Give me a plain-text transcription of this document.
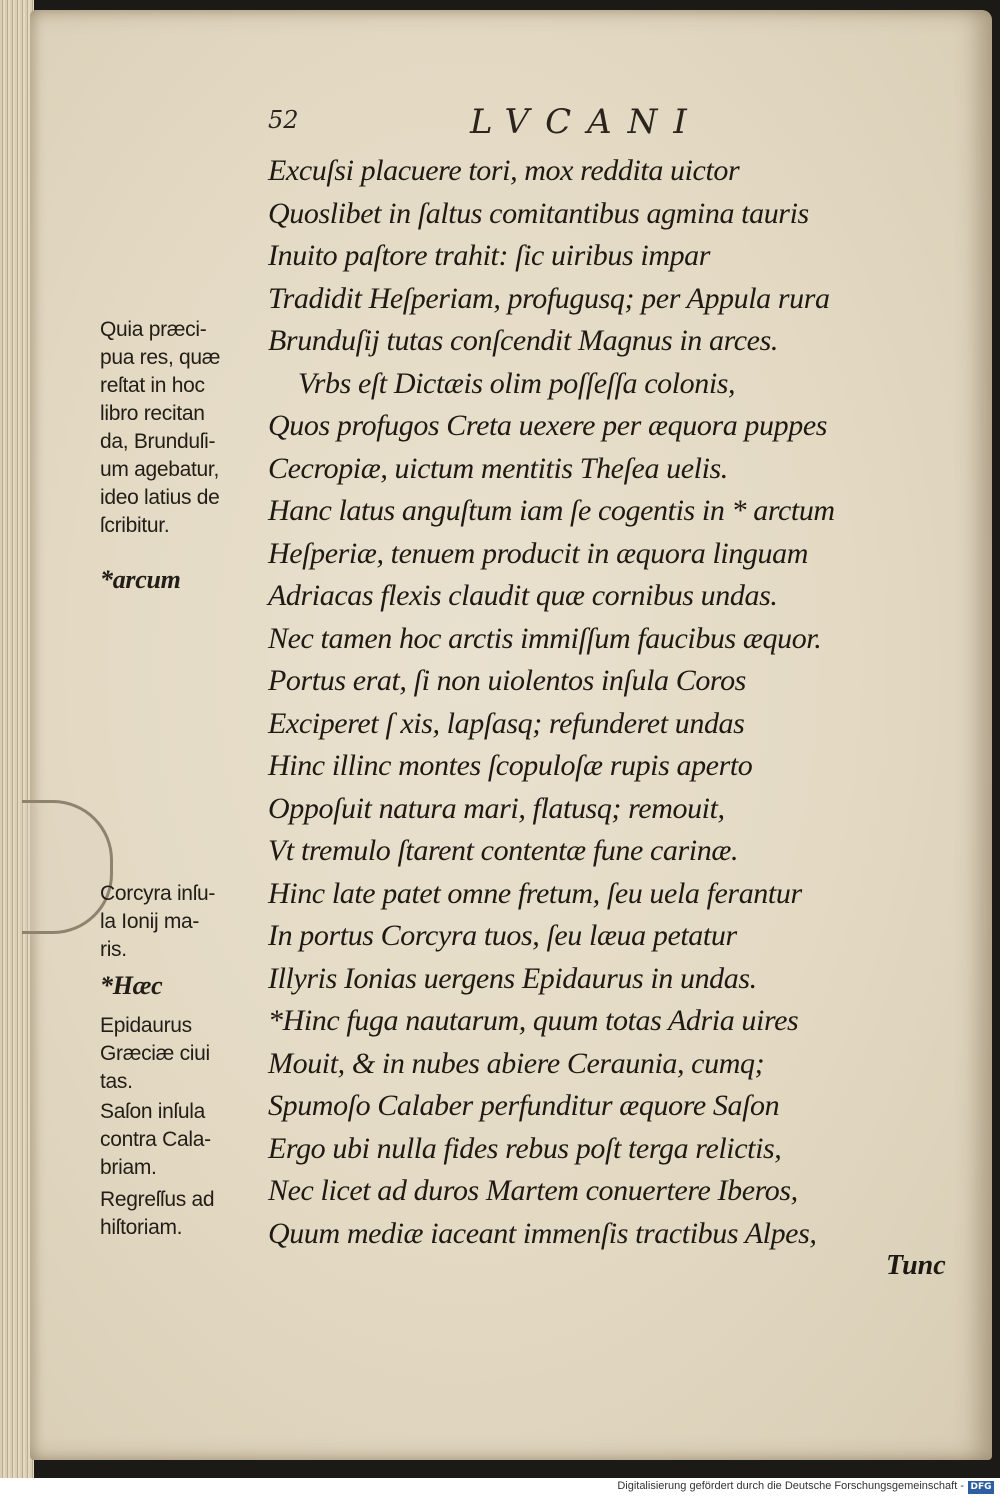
52	LVCANI
Excuſsi placuere tori, mox reddita uictor
Quoslibet in ſaltus comitantibus agmina tauris
Inuito paſtore trahit: ſic uiribus impar
Tradidit Heſperiam, profugusq; per Appula rura
Brunduſij tutas conſcendit Magnus in arces.
Vrbs eſt Dictæis olim poſſeſſa colonis,
Quos profugos Creta uexere per æquora puppes
Cecropiæ, uictum mentitis Theſea uelis.
Hanc latus anguſtum iam ſe cogentis in * arctum
Heſperiæ, tenuem producit in æquora linguam
Adriacas flexis claudit quæ cornibus undas.
Nec tamen hoc arctis immiſſum faucibus æquor.
Portus erat, ſi non uiolentos inſula Coros
Exciperet ſ xis, lapſasq; refunderet undas
Hinc illinc montes ſcopuloſæ rupis aperto
Oppoſuit natura mari, flatusq; remouit,
Vt tremulo ſtarent contentæ fune carinæ.
Hinc late patet omne fretum, ſeu uela ferantur
In portus Corcyra tuos, ſeu læua petatur
Illyris Ionias uergens Epidaurus in undas.
*Hinc fuga nautarum, quum totas Adria uires
Mouit, & in nubes abiere Ceraunia, cumq;
Spumoſo Calaber perfunditur æquore Saſon
Ergo ubi nulla fides rebus poſt terga relictis,
Nec licet ad duros Martem conuertere Iberos,
Quum mediæ iaceant immenſis tractibus Alpes,

Quia præci-

pua res, quæ

reſtat in hoc

libro recitan

da, Brunduſi-

um agebatur,

ideo latius de

ſcribitur.

*arcum

Corcyra inſu-

la Ionij ma-

ris.

*Hæc

Epidaurus

Græciæ ciui

tas.

Saſon inſula

contra Cala-

briam.

Regreſſus ad

hiſtoriam.

Tunc
Digitalisierung gefördert durch die Deutsche Forschungsgemeinschaft - DFG
